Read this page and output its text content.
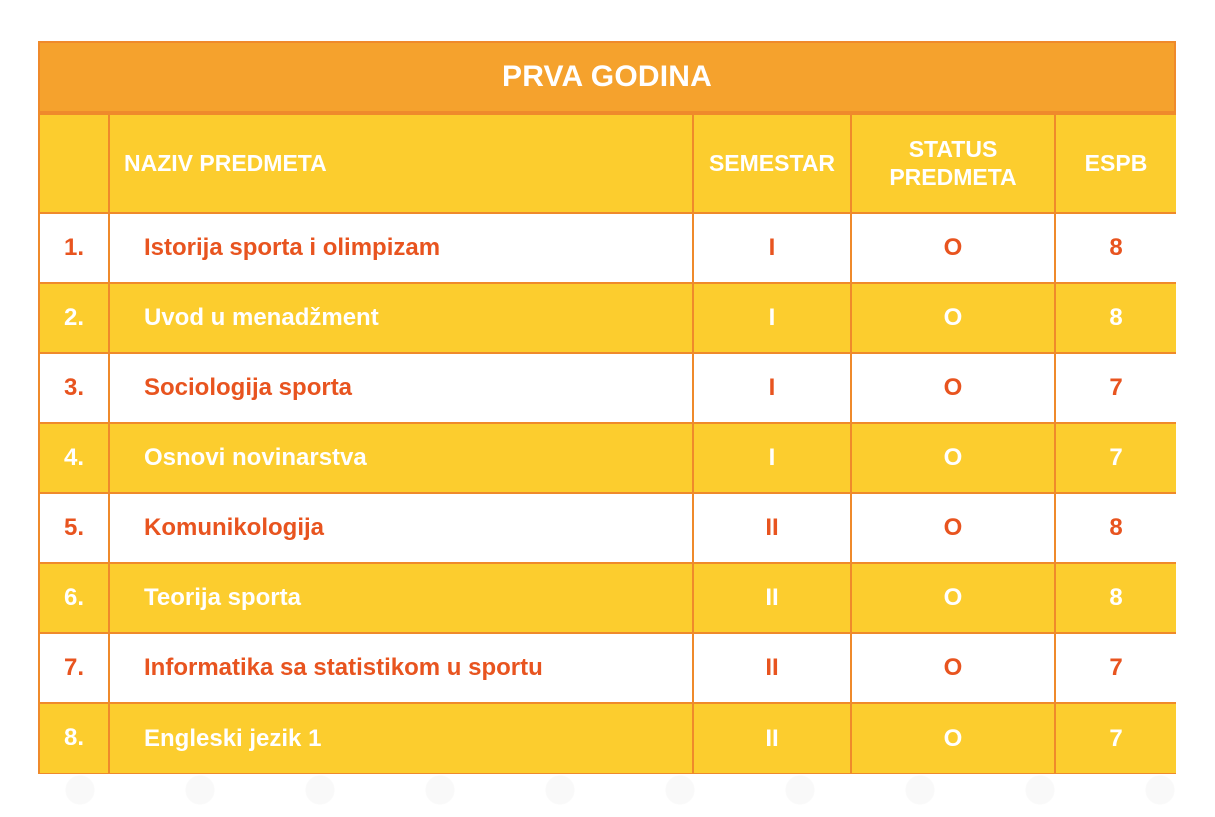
PRVA GODINA
	NAZIV PREDMETA	SEMESTAR	STATUS PREDMETA	ESPB
1.	Istorija sporta i olimpizam	I	O	8
2.	Uvod u menadžment	I	O	8
3.	Sociologija sporta	I	O	7
4.	Osnovi novinarstva	I	O	7
5.	Komunikologija	II	O	8
6.	Teorija sporta	II	O	8
7.	Informatika sa statistikom u sportu	II	O	7
8.	Engleski jezik 1	II	O	7
